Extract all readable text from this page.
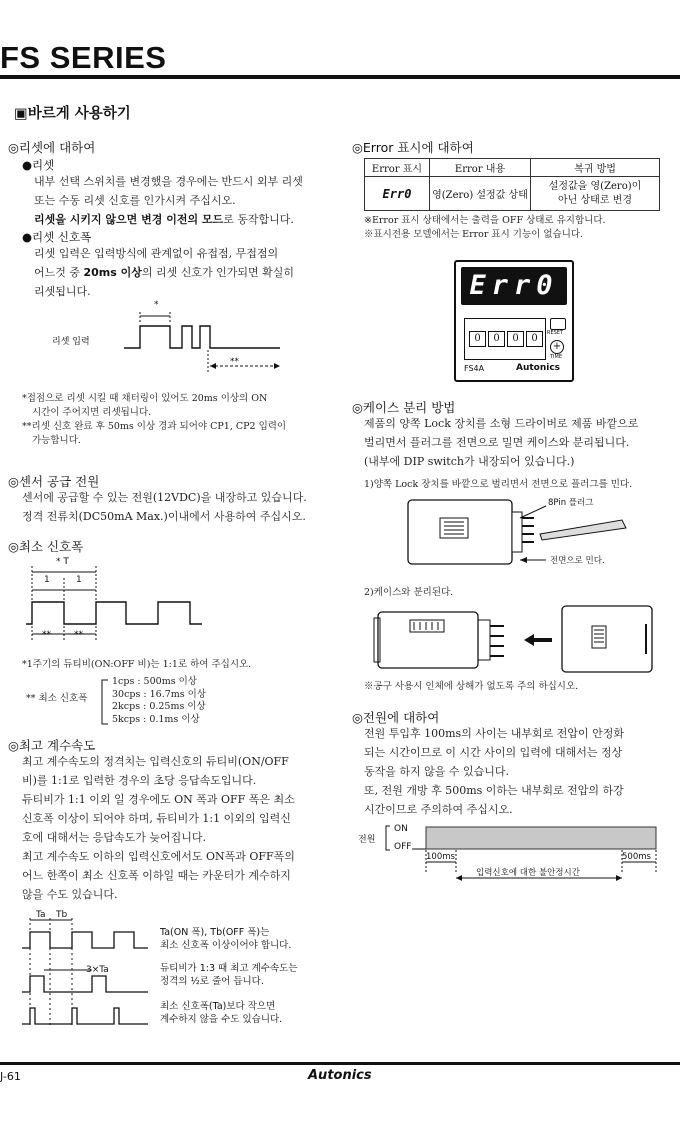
FS SERIES
▣바르게 사용하기
◎리셋에 대하여
●리셋
내부 선택 스위치를 변경했을 경우에는 반드시 외부 리셋
또는 수동 리셋 신호를 인가시켜 주십시오.
리셋을 시키지 않으면 변경 이전의 모드로 동작합니다.
●리셋 신호폭
리셋 입력은 입력방식에 관계없이 유접점, 무접점의
어느것 중 20ms 이상의 리셋 신호가 인가되면 확실히
리셋됩니다.
리셋 입력
*
**
*접점으로 리셋 시킬 때 채터링이 있어도 20ms 이상의 ON
시간이 주어지면 리셋됩니다.
**리셋 신호 완료 후 50ms 이상 경과 되어야 CP1, CP2 입력이
가능합니다.
◎센서 공급 전원
센서에 공급할 수 있는 전원(12VDC)을 내장하고 있습니다.
정격 전류치(DC50mA Max.)이내에서 사용하여 주십시오.
◎최소 신호폭
* T
1	1
**	**
*1주기의 듀티비(ON:OFF 비)는 1:1로 하여 주십시오.
** 최소 신호폭
1cps : 500ms 이상
30cps : 16.7ms 이상
2kcps : 0.25ms 이상
5kcps : 0.1ms 이상
◎최고 계수속도
최고 계수속도의 정격치는 입력신호의 듀티비(ON/OFF
비)를 1:1로 입력한 경우의 초당 응답속도입니다.
듀티비가 1:1 이외 일 경우에도 ON 폭과 OFF 폭은 최소
신호폭 이상이 되어야 하며, 듀티비가 1:1 이외의 입력신
호에 대해서는 응답속도가 늦어집니다.
최고 계수속도 이하의 입력신호에서도 ON폭과 OFF폭의
어느 한쪽이 최소 신호폭 이하일 때는 카운터가 계수하지
않을 수도 있습니다.
Ta Tb
3×Ta
Ta(ON 폭), Tb(OFF 폭)는
최소 신호폭 이상이어야 합니다.
듀티비가 1:3 때 최고 계수속도는
정격의 ½로 줄어 듭니다.
최소 신호폭(Ta)보다 작으면
계수하지 않을 수도 있습니다.
◎Error 표시에 대하여
Error 표시	Error 내용	복귀 방법
Err0	영(Zero) 설정값 상태	설정값을 영(Zero)이
아닌 상태로 변경
※Error 표시 상태에서는 출력을 OFF 상태로 유지합니다.
※표시전용 모델에서는 Error 표시 기능이 없습니다.
Err0
0	0	0	0	RESET
+
TIME
FS4A	Autonics
◎케이스 분리 방법
제품의 양쪽 Lock 장치를 소형 드라이버로 제품 바깥으로
벌리면서 플러그를 전면으로 밀면 케이스와 분리됩니다.
(내부에 DIP switch가 내장되어 있습니다.)
1)양쪽 Lock 장치를 바깥으로 벌리면서 전면으로 플러그를 민다.
8Pin 플러그
전면으로 민다.
2)케이스와 분리된다.
※공구 사용시 인체에 상해가 없도록 주의 하십시오.
◎전원에 대하여
전원 투입후 100ms의 사이는 내부회로 전압이 안정화
되는 시간이므로 이 시간 사이의 입력에 대해서는 정상
동작을 하지 않을 수 있습니다.
또, 전원 개방 후 500ms 이하는 내부회로 전압의 하강
시간이므로 주의하여 주십시오.
전원
ON
OFF
100ms	500ms
입력신호에 대한 불안정시간
J-61	Autonics
